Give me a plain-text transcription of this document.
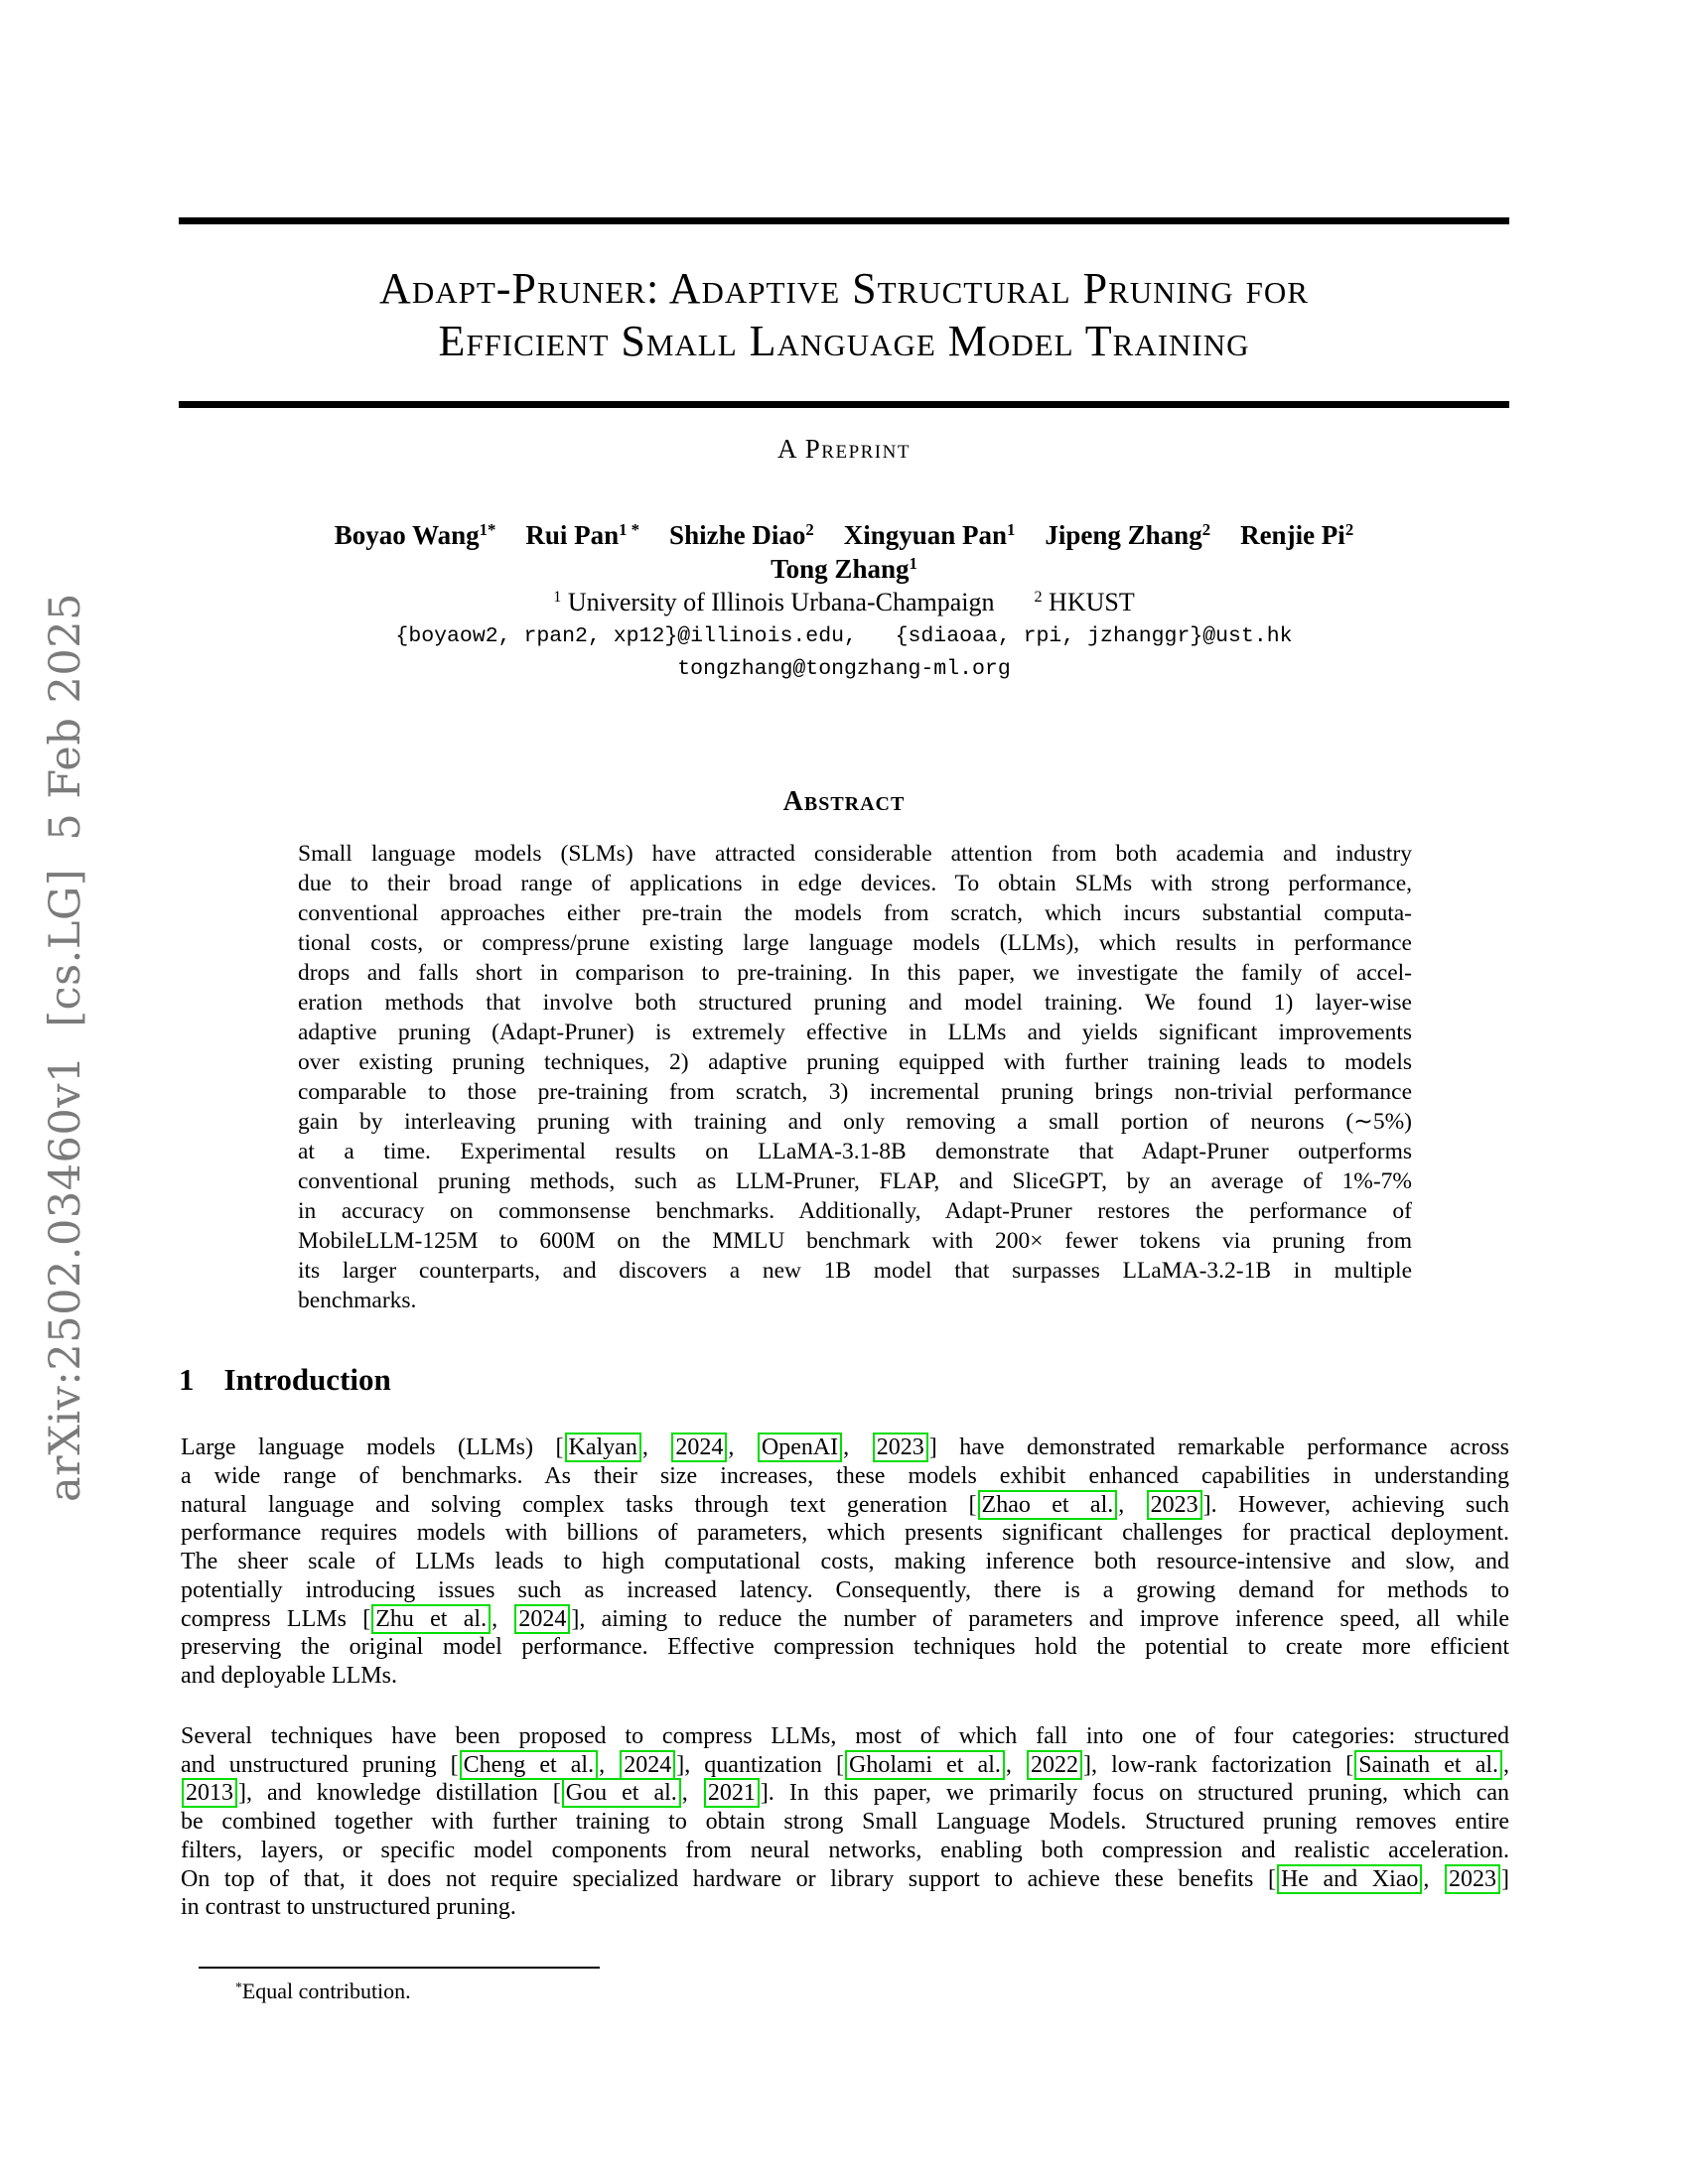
arXiv:2502.03460v1  [cs.LG]  5 Feb 2025
Adapt-Pruner: Adaptive Structural Pruning for
Efficient Small Language Model Training
A Preprint
Boyao Wang$^{1*}$ Rui Pan$^{1 *}$ Shizhe Diao$^2$ Xingyuan Pan$^1$ Jipeng Zhang$^2$ Renjie Pi$^2$
Tong Zhang$^1$
$^1$ University of Illinois Urbana-Champaign $^2$ HKUST
{boyaow2, rpan2, xp12}@illinois.edu,   {sdiaoaa, rpi, jzhanggr}@ust.hk
tongzhang@tongzhang-ml.org
Abstract
Small language models (SLMs) have attracted considerable attention from both academia and industry
due to their broad range of applications in edge devices. To obtain SLMs with strong performance,
conventional approaches either pre-train the models from scratch, which incurs substantial computa-
tional costs, or compress/prune existing large language models (LLMs), which results in performance
drops and falls short in comparison to pre-training. In this paper, we investigate the family of accel-
eration methods that involve both structured pruning and model training. We found 1) layer-wise
adaptive pruning (Adapt-Pruner) is extremely effective in LLMs and yields significant improvements
over existing pruning techniques, 2) adaptive pruning equipped with further training leads to models
comparable to those pre-training from scratch, 3) incremental pruning brings non-trivial performance
gain by interleaving pruning with training and only removing a small portion of neurons (∼5%)
at a time. Experimental results on LLaMA-3.1-8B demonstrate that Adapt-Pruner outperforms
conventional pruning methods, such as LLM-Pruner, FLAP, and SliceGPT, by an average of 1%-7%
in accuracy on commonsense benchmarks. Additionally, Adapt-Pruner restores the performance of
MobileLLM-125M to 600M on the MMLU benchmark with 200× fewer tokens via pruning from
its larger counterparts, and discovers a new 1B model that surpasses LLaMA-3.2-1B in multiple
benchmarks.
1 Introduction
Large language models (LLMs) [ Kalyan , 2024 , OpenAI , 2023 ] have demonstrated remarkable performance across
a wide range of benchmarks. As their size increases, these models exhibit enhanced capabilities in understanding
natural language and solving complex tasks through text generation [ Zhao et al. , 2023 ]. However, achieving such
performance requires models with billions of parameters, which presents significant challenges for practical deployment.
The sheer scale of LLMs leads to high computational costs, making inference both resource-intensive and slow, and
potentially introducing issues such as increased latency. Consequently, there is a growing demand for methods to
compress LLMs [ Zhu et al. , 2024 ], aiming to reduce the number of parameters and improve inference speed, all while
preserving the original model performance. Effective compression techniques hold the potential to create more efficient
and deployable LLMs.
Several techniques have been proposed to compress LLMs, most of which fall into one of four categories: structured
and unstructured pruning [ Cheng et al. , 2024 ], quantization [ Gholami et al. , 2022 ], low-rank factorization [ Sainath et al. ,
2013 ], and knowledge distillation [ Gou et al. , 2021 ]. In this paper, we primarily focus on structured pruning, which can
be combined together with further training to obtain strong Small Language Models. Structured pruning removes entire
filters, layers, or specific model components from neural networks, enabling both compression and realistic acceleration.
On top of that, it does not require specialized hardware or library support to achieve these benefits [ He and Xiao , 2023 ]
in contrast to unstructured pruning.
*Equal contribution.
